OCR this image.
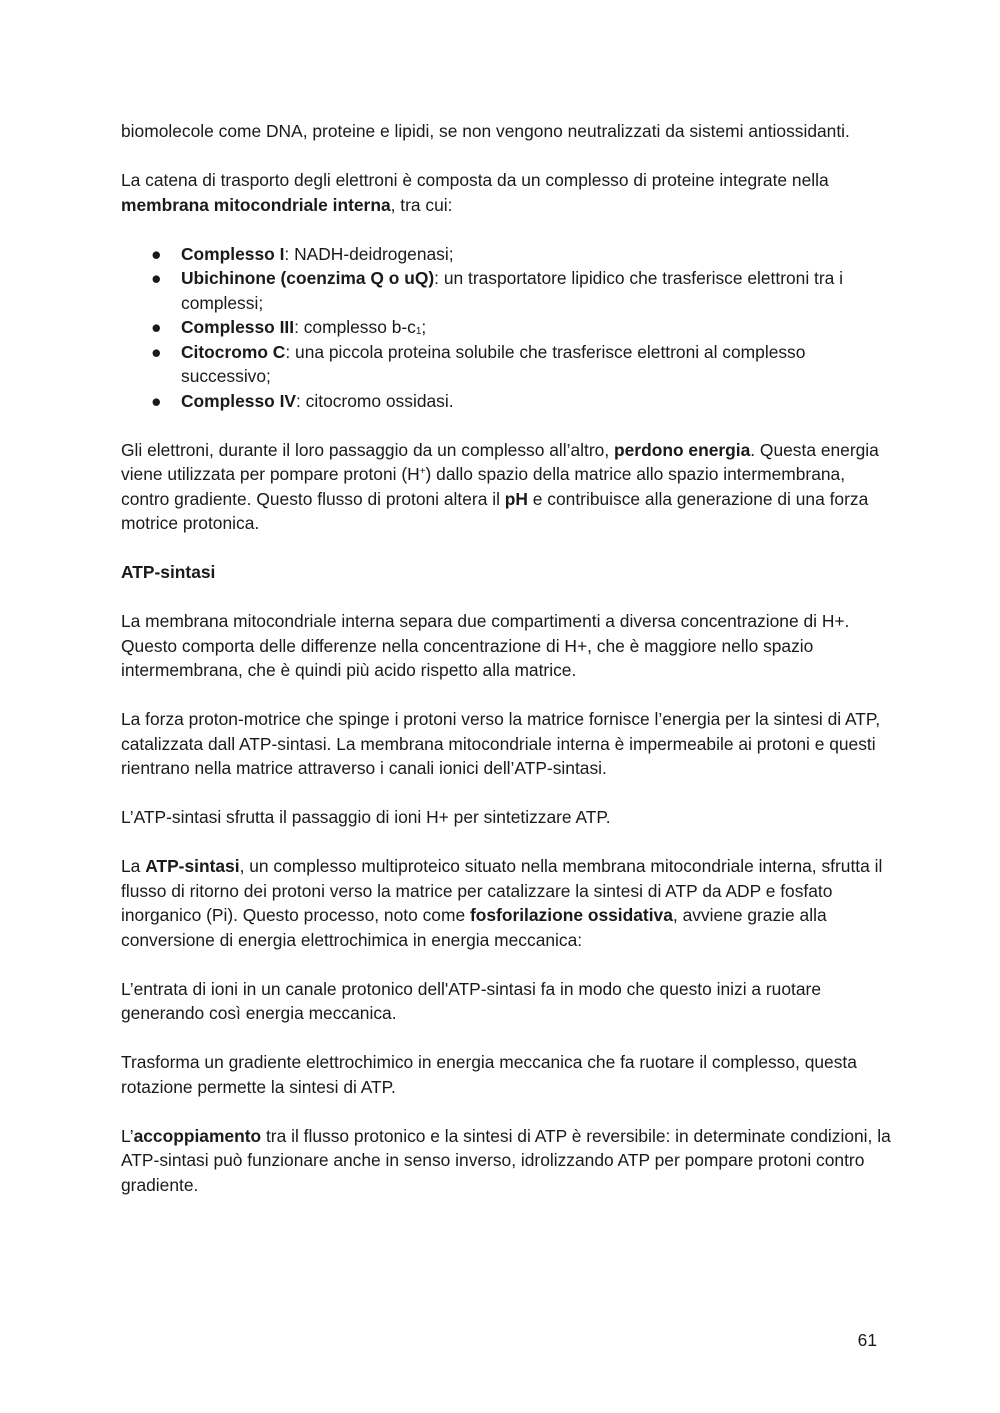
biomolecole come DNA, proteine e lipidi, se non vengono neutralizzati da sistemi antiossidanti.

La catena di trasporto degli elettroni è composta da un complesso di proteine integrate nella membrana mitocondriale interna, tra cui:

● Complesso I: NADH-deidrogenasi;
● Ubichinone (coenzima Q o uQ): un trasportatore lipidico che trasferisce elettroni tra i complessi;
● Complesso III: complesso $b-c_1$;
● Citocromo C: una piccola proteina solubile che trasferisce elettroni al complesso successivo;
● Complesso IV: citocromo ossidasi.

Gli elettroni, durante il loro passaggio da un complesso all’altro, perdono energia. Questa energia viene utilizzata per pompare protoni (H+) dallo spazio della matrice allo spazio intermembrana, contro gradiente. Questo flusso di protoni altera il pH e contribuisce alla generazione di una forza motrice protonica.

ATP-sintasi

La membrana mitocondriale interna separa due compartimenti a diversa concentrazione di H+. Questo comporta delle differenze nella concentrazione di H+, che è maggiore nello spazio intermembrana, che è quindi più acido rispetto alla matrice.

La forza proton-motrice che spinge i protoni verso la matrice fornisce l’energia per la sintesi di ATP, catalizzata dall ATP-sintasi. La membrana mitocondriale interna è impermeabile ai protoni e questi rientrano nella matrice attraverso i canali ionici dell’ATP-sintasi.

L’ATP-sintasi sfrutta il passaggio di ioni H+ per sintetizzare ATP.

La ATP-sintasi, un complesso multiproteico situato nella membrana mitocondriale interna, sfrutta il flusso di ritorno dei protoni verso la matrice per catalizzare la sintesi di ATP da ADP e fosfato inorganico (Pi). Questo processo, noto come fosforilazione ossidativa, avviene grazie alla conversione di energia elettrochimica in energia meccanica:

L’entrata di ioni in un canale protonico dell'ATP-sintasi fa in modo che questo inizi a ruotare generando così energia meccanica.

Trasforma un gradiente elettrochimico in energia meccanica che fa ruotare il complesso, questa rotazione permette la sintesi di ATP.

L’accoppiamento tra il flusso protonico e la sintesi di ATP è reversibile: in determinate condizioni, la ATP-sintasi può funzionare anche in senso inverso, idrolizzando ATP per pompare protoni contro gradiente.

61
